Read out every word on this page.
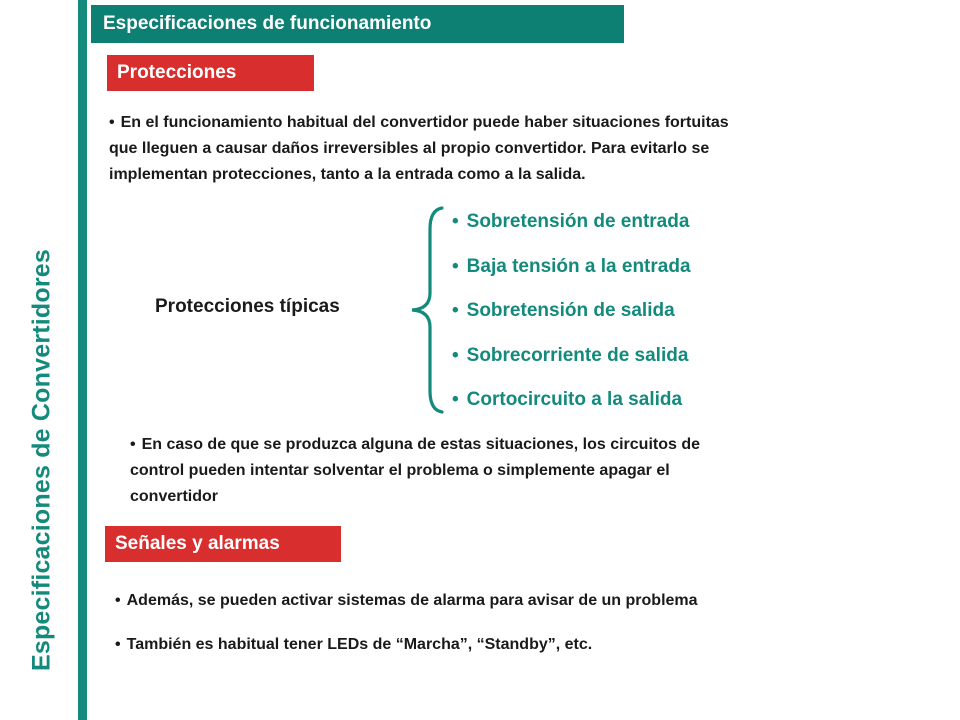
Especificaciones de Convertidores
Especificaciones de funcionamiento
Protecciones
• En el funcionamiento habitual del convertidor puede haber situaciones fortuitas
que lleguen a causar daños irreversibles al propio convertidor. Para evitarlo se
implementan protecciones, tanto a la entrada como a la salida.
Protecciones típicas
• Sobretensión de entrada
• Baja tensión a la entrada
• Sobretensión de salida
• Sobrecorriente de salida
• Cortocircuito a la salida
• En caso de que se produzca alguna de estas situaciones, los circuitos de
control pueden intentar solventar el problema o simplemente apagar el
convertidor
Señales y alarmas
• Además, se pueden activar sistemas de alarma para avisar de un problema
• También es habitual tener LEDs de “Marcha”, “Standby”, etc.
